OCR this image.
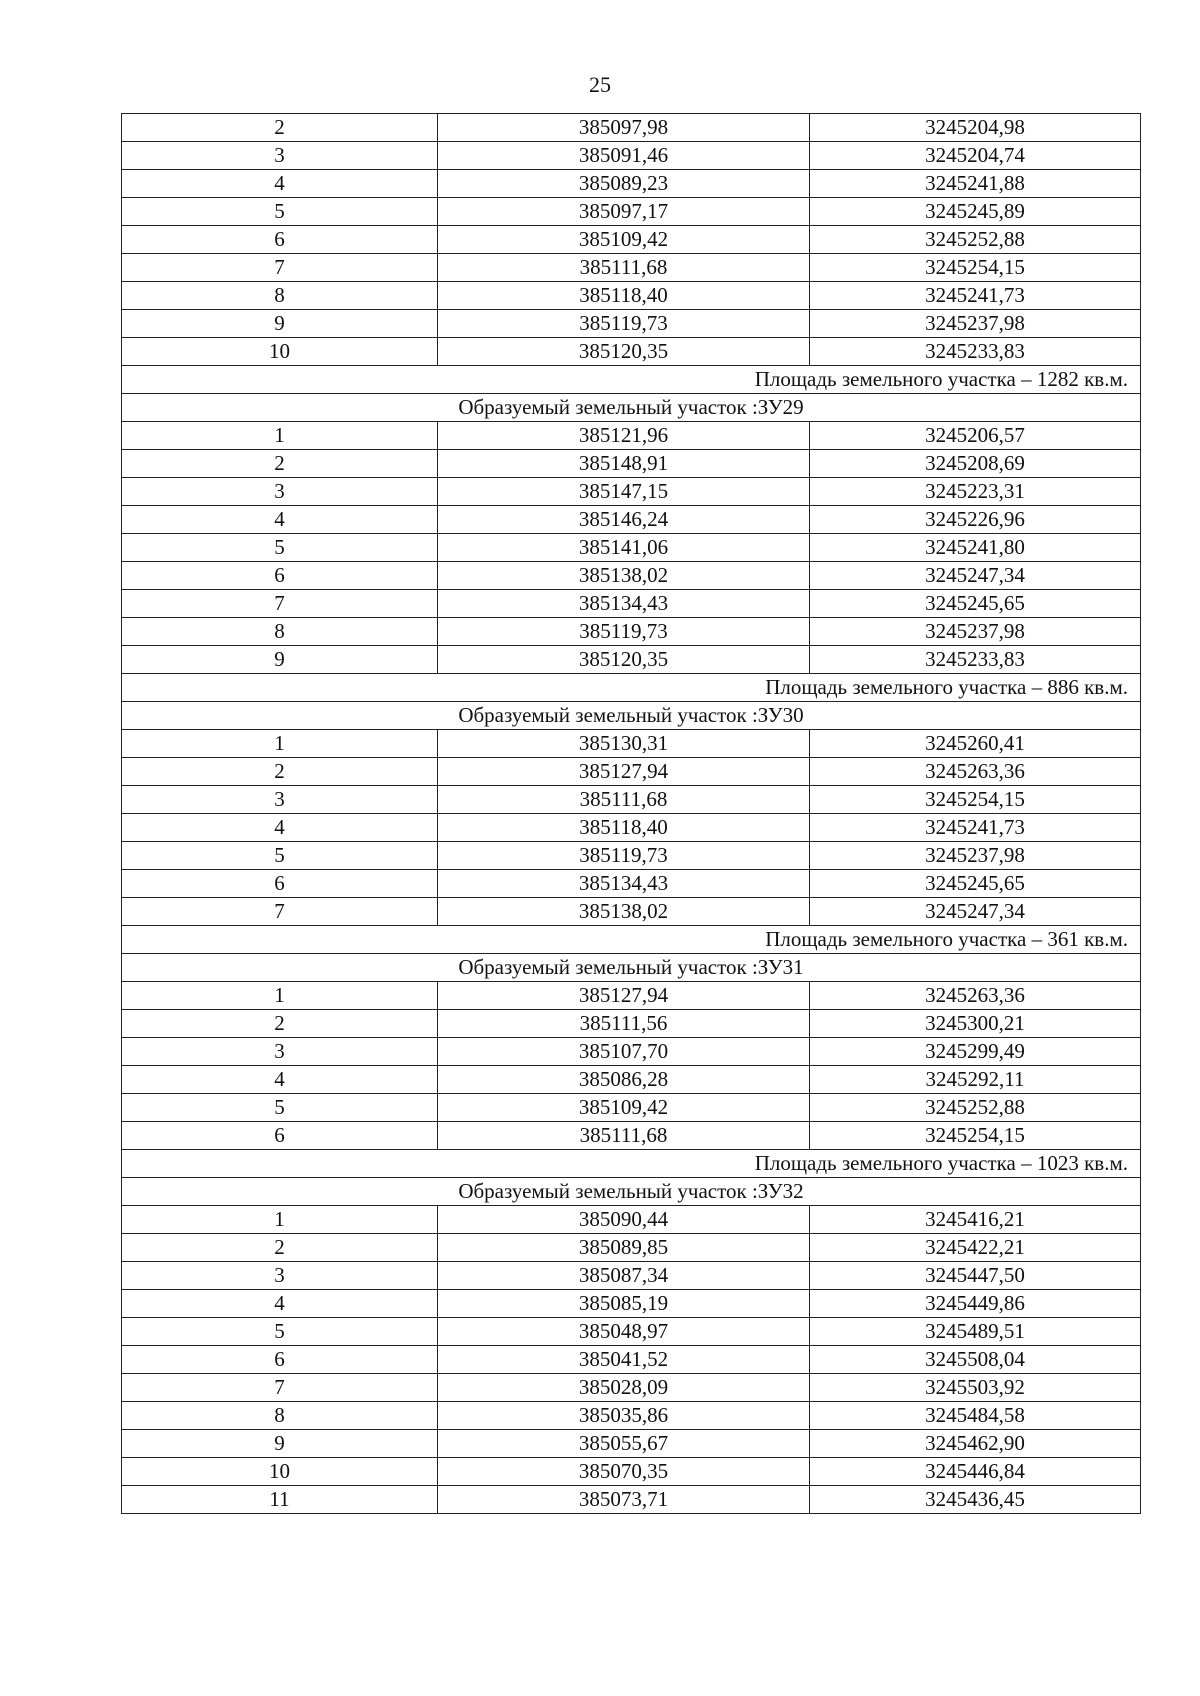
25
2	385097,98	3245204,98
3	385091,46	3245204,74
4	385089,23	3245241,88
5	385097,17	3245245,89
6	385109,42	3245252,88
7	385111,68	3245254,15
8	385118,40	3245241,73
9	385119,73	3245237,98
10	385120,35	3245233,83
Площадь земельного участка – 1282 кв.м.		
Образуемый земельный участок :ЗУ29		
1	385121,96	3245206,57
2	385148,91	3245208,69
3	385147,15	3245223,31
4	385146,24	3245226,96
5	385141,06	3245241,80
6	385138,02	3245247,34
7	385134,43	3245245,65
8	385119,73	3245237,98
9	385120,35	3245233,83
Площадь земельного участка – 886 кв.м.		
Образуемый земельный участок :ЗУ30		
1	385130,31	3245260,41
2	385127,94	3245263,36
3	385111,68	3245254,15
4	385118,40	3245241,73
5	385119,73	3245237,98
6	385134,43	3245245,65
7	385138,02	3245247,34
Площадь земельного участка – 361 кв.м.		
Образуемый земельный участок :ЗУ31		
1	385127,94	3245263,36
2	385111,56	3245300,21
3	385107,70	3245299,49
4	385086,28	3245292,11
5	385109,42	3245252,88
6	385111,68	3245254,15
Площадь земельного участка – 1023 кв.м.		
Образуемый земельный участок :ЗУ32		
1	385090,44	3245416,21
2	385089,85	3245422,21
3	385087,34	3245447,50
4	385085,19	3245449,86
5	385048,97	3245489,51
6	385041,52	3245508,04
7	385028,09	3245503,92
8	385035,86	3245484,58
9	385055,67	3245462,90
10	385070,35	3245446,84
11	385073,71	3245436,45
